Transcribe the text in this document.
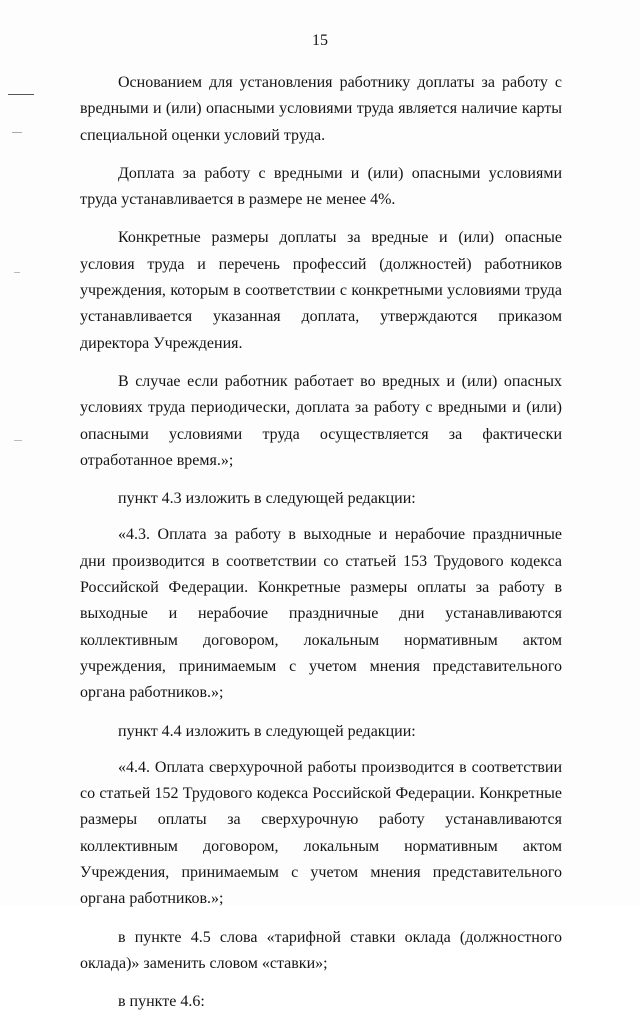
15

Основанием для установления работнику доплаты за работу с вредными и (или) опасными условиями труда является наличие карты специальной оценки условий труда.

Доплата за работу с вредными и (или) опасными условиями труда устанавливается в размере не менее 4%.

Конкретные размеры доплаты за вредные и (или) опасные условия труда и перечень профессий (должностей) работников учреждения, которым в соответствии с конкретными условиями труда устанавливается указанная доплата, утверждаются приказом директора Учреждения.

В случае если работник работает во вредных и (или) опасных условиях труда периодически, доплата за работу с вредными и (или) опасными условиями труда осуществляется за фактически отработанное время.»;

пункт 4.3 изложить в следующей редакции:

«4.3. Оплата за работу в выходные и нерабочие праздничные дни производится в соответствии со статьей 153 Трудового кодекса Российской Федерации. Конкретные размеры оплаты за работу в выходные и нерабочие праздничные дни устанавливаются коллективным договором, локальным нормативным актом учреждения, принимаемым с учетом мнения представительного органа работников.»;

пункт 4.4 изложить в следующей редакции:

«4.4. Оплата сверхурочной работы производится в соответствии со статьей 152 Трудового кодекса Российской Федерации. Конкретные размеры оплаты за сверхурочную работу устанавливаются коллективным договором, локальным нормативным актом Учреждения, принимаемым с учетом мнения представительного органа работников.»;

в пункте 4.5 слова «тарифной ставки оклада (должностного оклада)» заменить словом «ставки»;

в пункте 4.6:
